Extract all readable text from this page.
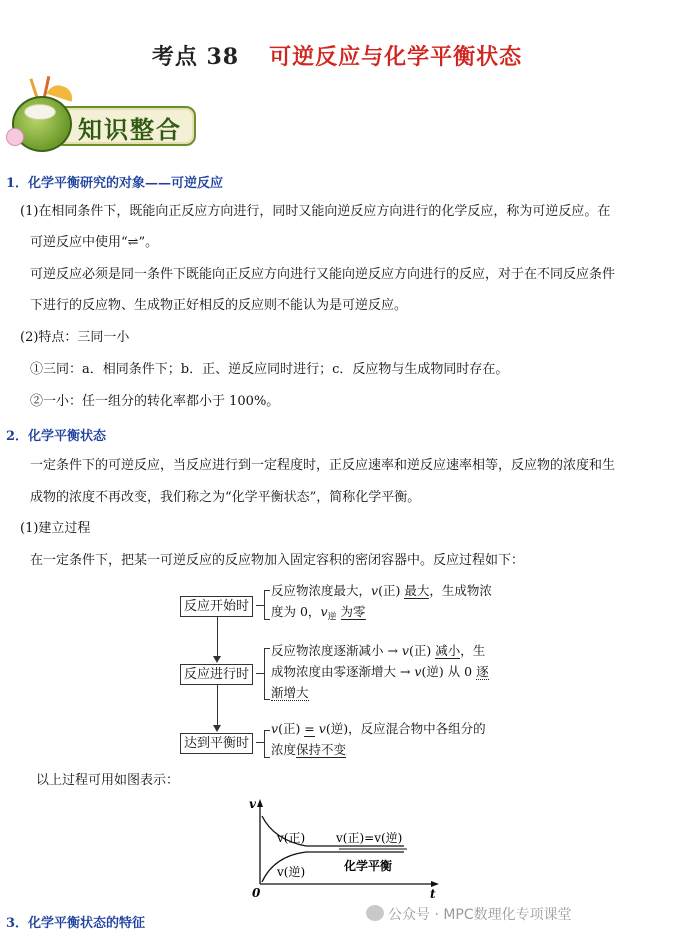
考点 38 可逆反应与化学平衡状态
知识整合
1．化学平衡研究的对象——可逆反应
(1)在相同条件下，既能向正反应方向进行，同时又能向逆反应方向进行的化学反应，称为可逆反应。在
可逆反应中使用“⇌”。
可逆反应必须是同一条件下既能向正反应方向进行又能向逆反应方向进行的反应，对于在不同反应条件
下进行的反应物、生成物正好相反的反应则不能认为是可逆反应。
(2)特点：三同一小
①三同：a．相同条件下；b．正、逆反应同时进行；c．反应物与生成物同时存在。
②一小：任一组分的转化率都小于 100%。
2．化学平衡状态
一定条件下的可逆反应，当反应进行到一定程度时，正反应速率和逆反应速率相等，反应物的浓度和生
成物的浓度不再改变，我们称之为“化学平衡状态”，简称化学平衡。
(1)建立过程
在一定条件下，把某一可逆反应的反应物加入固定容积的密闭容器中。反应过程如下：
反应开始时
反应进行时
达到平衡时
反应物浓度最大，v(正) 最大，生成物浓
度为 0，$v_逆$ 为零
反应物浓度逐渐减小 → v(正) 减小，生
成物浓度由零逐渐增大 → v(逆) 从 0 逐
渐增大
v(正) = v(逆)，反应混合物中各组分的
浓度保持不变
以上过程可用如图表示：
v
t
0
v(正)
v(逆)
v(正)=v(逆)
化学平衡
3．化学平衡状态的特征
公众号 · MPC数理化专项课堂
